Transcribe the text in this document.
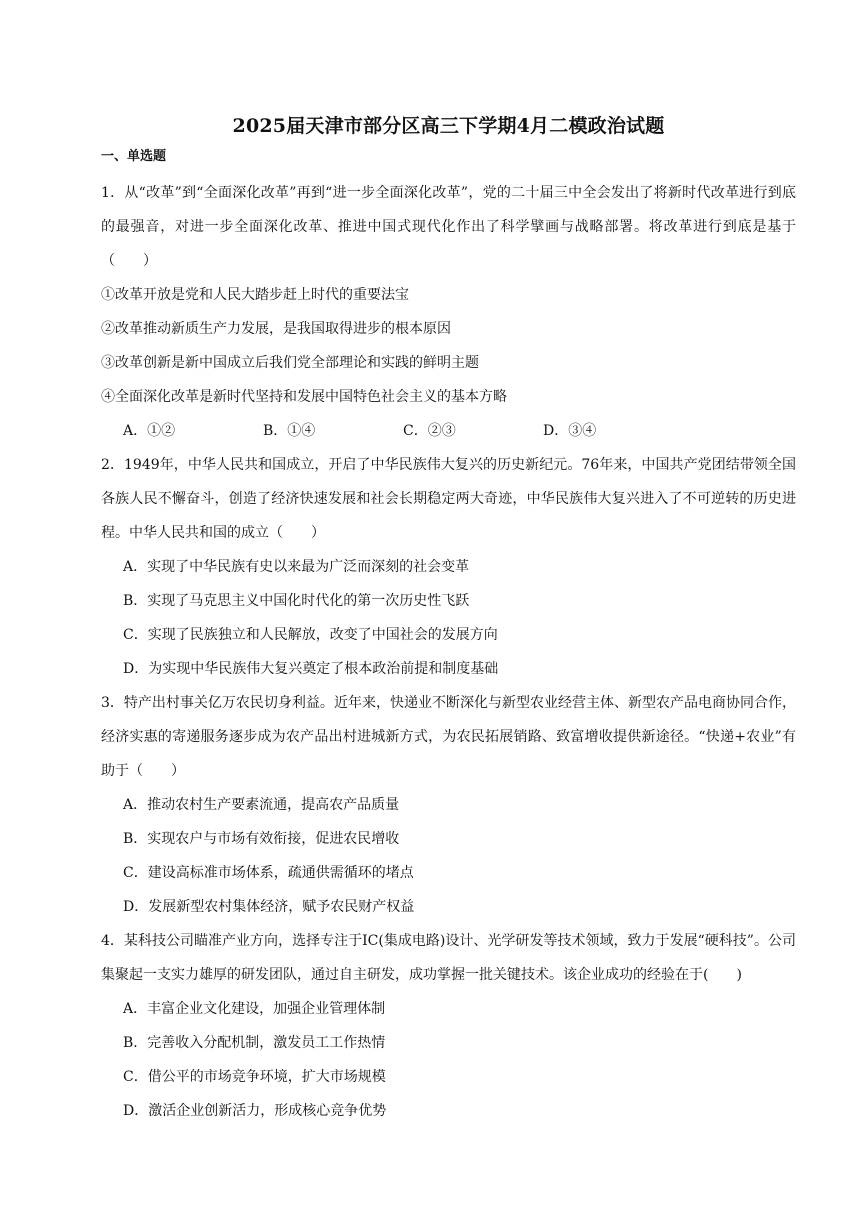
2025届天津市部分区高三下学期4月二模政治试题
一、单选题
1．从“改革”到“全面深化改革”再到“进一步全面深化改革”，党的二十届三中全会发出了将新时代改革进行到底的最强音，对进一步全面深化改革、推进中国式现代化作出了科学擘画与战略部署。将改革进行到底是基于（　　）
①改革开放是党和人民大踏步赶上时代的重要法宝
②改革推动新质生产力发展，是我国取得进步的根本原因
③改革创新是新中国成立后我们党全部理论和实践的鲜明主题
④全面深化改革是新时代坚持和发展中国特色社会主义的基本方略
A．①②	B．①④	C．②③	D．③④
2．1949年，中华人民共和国成立，开启了中华民族伟大复兴的历史新纪元。76年来，中国共产党团结带领全国各族人民不懈奋斗，创造了经济快速发展和社会长期稳定两大奇迹，中华民族伟大复兴进入了不可逆转的历史进程。中华人民共和国的成立（　　）
A．实现了中华民族有史以来最为广泛而深刻的社会变革
B．实现了马克思主义中国化时代化的第一次历史性飞跃
C．实现了民族独立和人民解放，改变了中国社会的发展方向
D．为实现中华民族伟大复兴奠定了根本政治前提和制度基础
3．特产出村事关亿万农民切身利益。近年来，快递业不断深化与新型农业经营主体、新型农产品电商协同合作，经济实惠的寄递服务逐步成为农产品出村进城新方式，为农民拓展销路、致富增收提供新途径。“快递+农业”有助于（　　）
A．推动农村生产要素流通，提高农产品质量
B．实现农户与市场有效衔接，促进农民增收
C．建设高标准市场体系，疏通供需循环的堵点
D．发展新型农村集体经济，赋予农民财产权益
4．某科技公司瞄准产业方向，选择专注于IC(集成电路)设计、光学研发等技术领域，致力于发展“硬科技”。公司集聚起一支实力雄厚的研发团队，通过自主研发，成功掌握一批关键技术。该企业成功的经验在于(　　)
A．丰富企业文化建设，加强企业管理体制
B．完善收入分配机制，激发员工工作热情
C．借公平的市场竞争环境，扩大市场规模
D．激活企业创新活力，形成核心竞争优势
